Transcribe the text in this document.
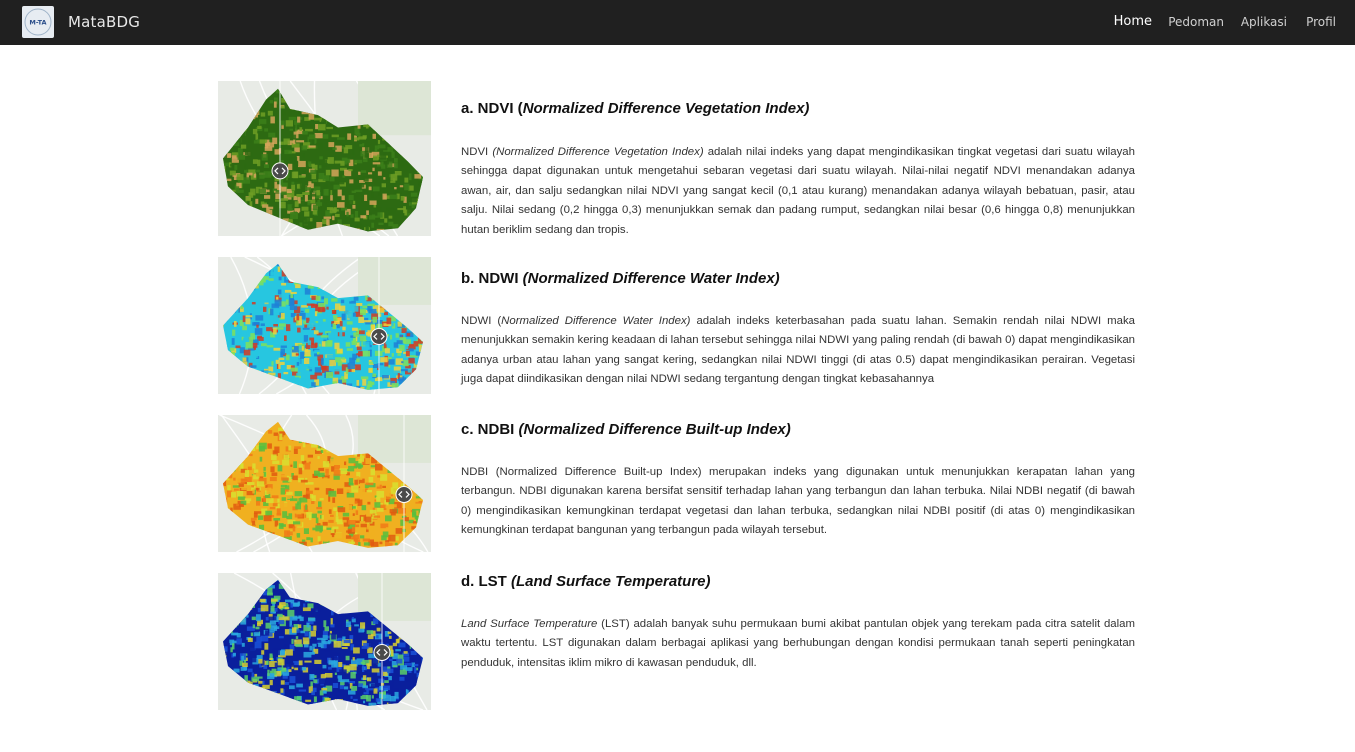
M-TA MataBDG	Home Pedoman Aplikasi Profil
a. NDVI (Normalized Difference Vegetation Index)

NDVI (Normalized Difference Vegetation Index) adalah nilai indeks yang dapat mengindikasikan tingkat vegetasi dari suatu wilayah sehingga dapat digunakan untuk mengetahui sebaran vegetasi dari suatu wilayah. Nilai-nilai negatif NDVI menandakan adanya awan, air, dan salju sedangkan nilai NDVI yang sangat kecil (0,1 atau kurang) menandakan adanya wilayah bebatuan, pasir, atau salju. Nilai sedang (0,2 hingga 0,3) menunjukkan semak dan padang rumput, sedangkan nilai besar (0,6 hingga 0,8) menunjukkan hutan beriklim sedang dan tropis.

b. NDWI (Normalized Difference Water Index)

NDWI (Normalized Difference Water Index) adalah indeks keterbasahan pada suatu lahan. Semakin rendah nilai NDWI maka menunjukkan semakin kering keadaan di lahan tersebut sehingga nilai NDWI yang paling rendah (di bawah 0) dapat mengindikasikan adanya urban atau lahan yang sangat kering, sedangkan nilai NDWI tinggi (di atas 0.5) dapat mengindikasikan perairan. Vegetasi juga dapat diindikasikan dengan nilai NDWI sedang tergantung dengan tingkat kebasahannya

c. NDBI (Normalized Difference Built-up Index)

NDBI (Normalized Difference Built-up Index) merupakan indeks yang digunakan untuk menunjukkan kerapatan lahan yang terbangun. NDBI digunakan karena bersifat sensitif terhadap lahan yang terbangun dan lahan terbuka. Nilai NDBI negatif (di bawah 0) mengindikasikan kemungkinan terdapat vegetasi dan lahan terbuka, sedangkan nilai NDBI positif (di atas 0) mengindikasikan kemungkinan terdapat bangunan yang terbangun pada wilayah tersebut.

d. LST (Land Surface Temperature)

Land Surface Temperature (LST) adalah banyak suhu permukaan bumi akibat pantulan objek yang terekam pada citra satelit dalam waktu tertentu. LST digunakan dalam berbagai aplikasi yang berhubungan dengan kondisi permukaan tanah seperti peningkatan penduduk, intensitas iklim mikro di kawasan penduduk, dll.
